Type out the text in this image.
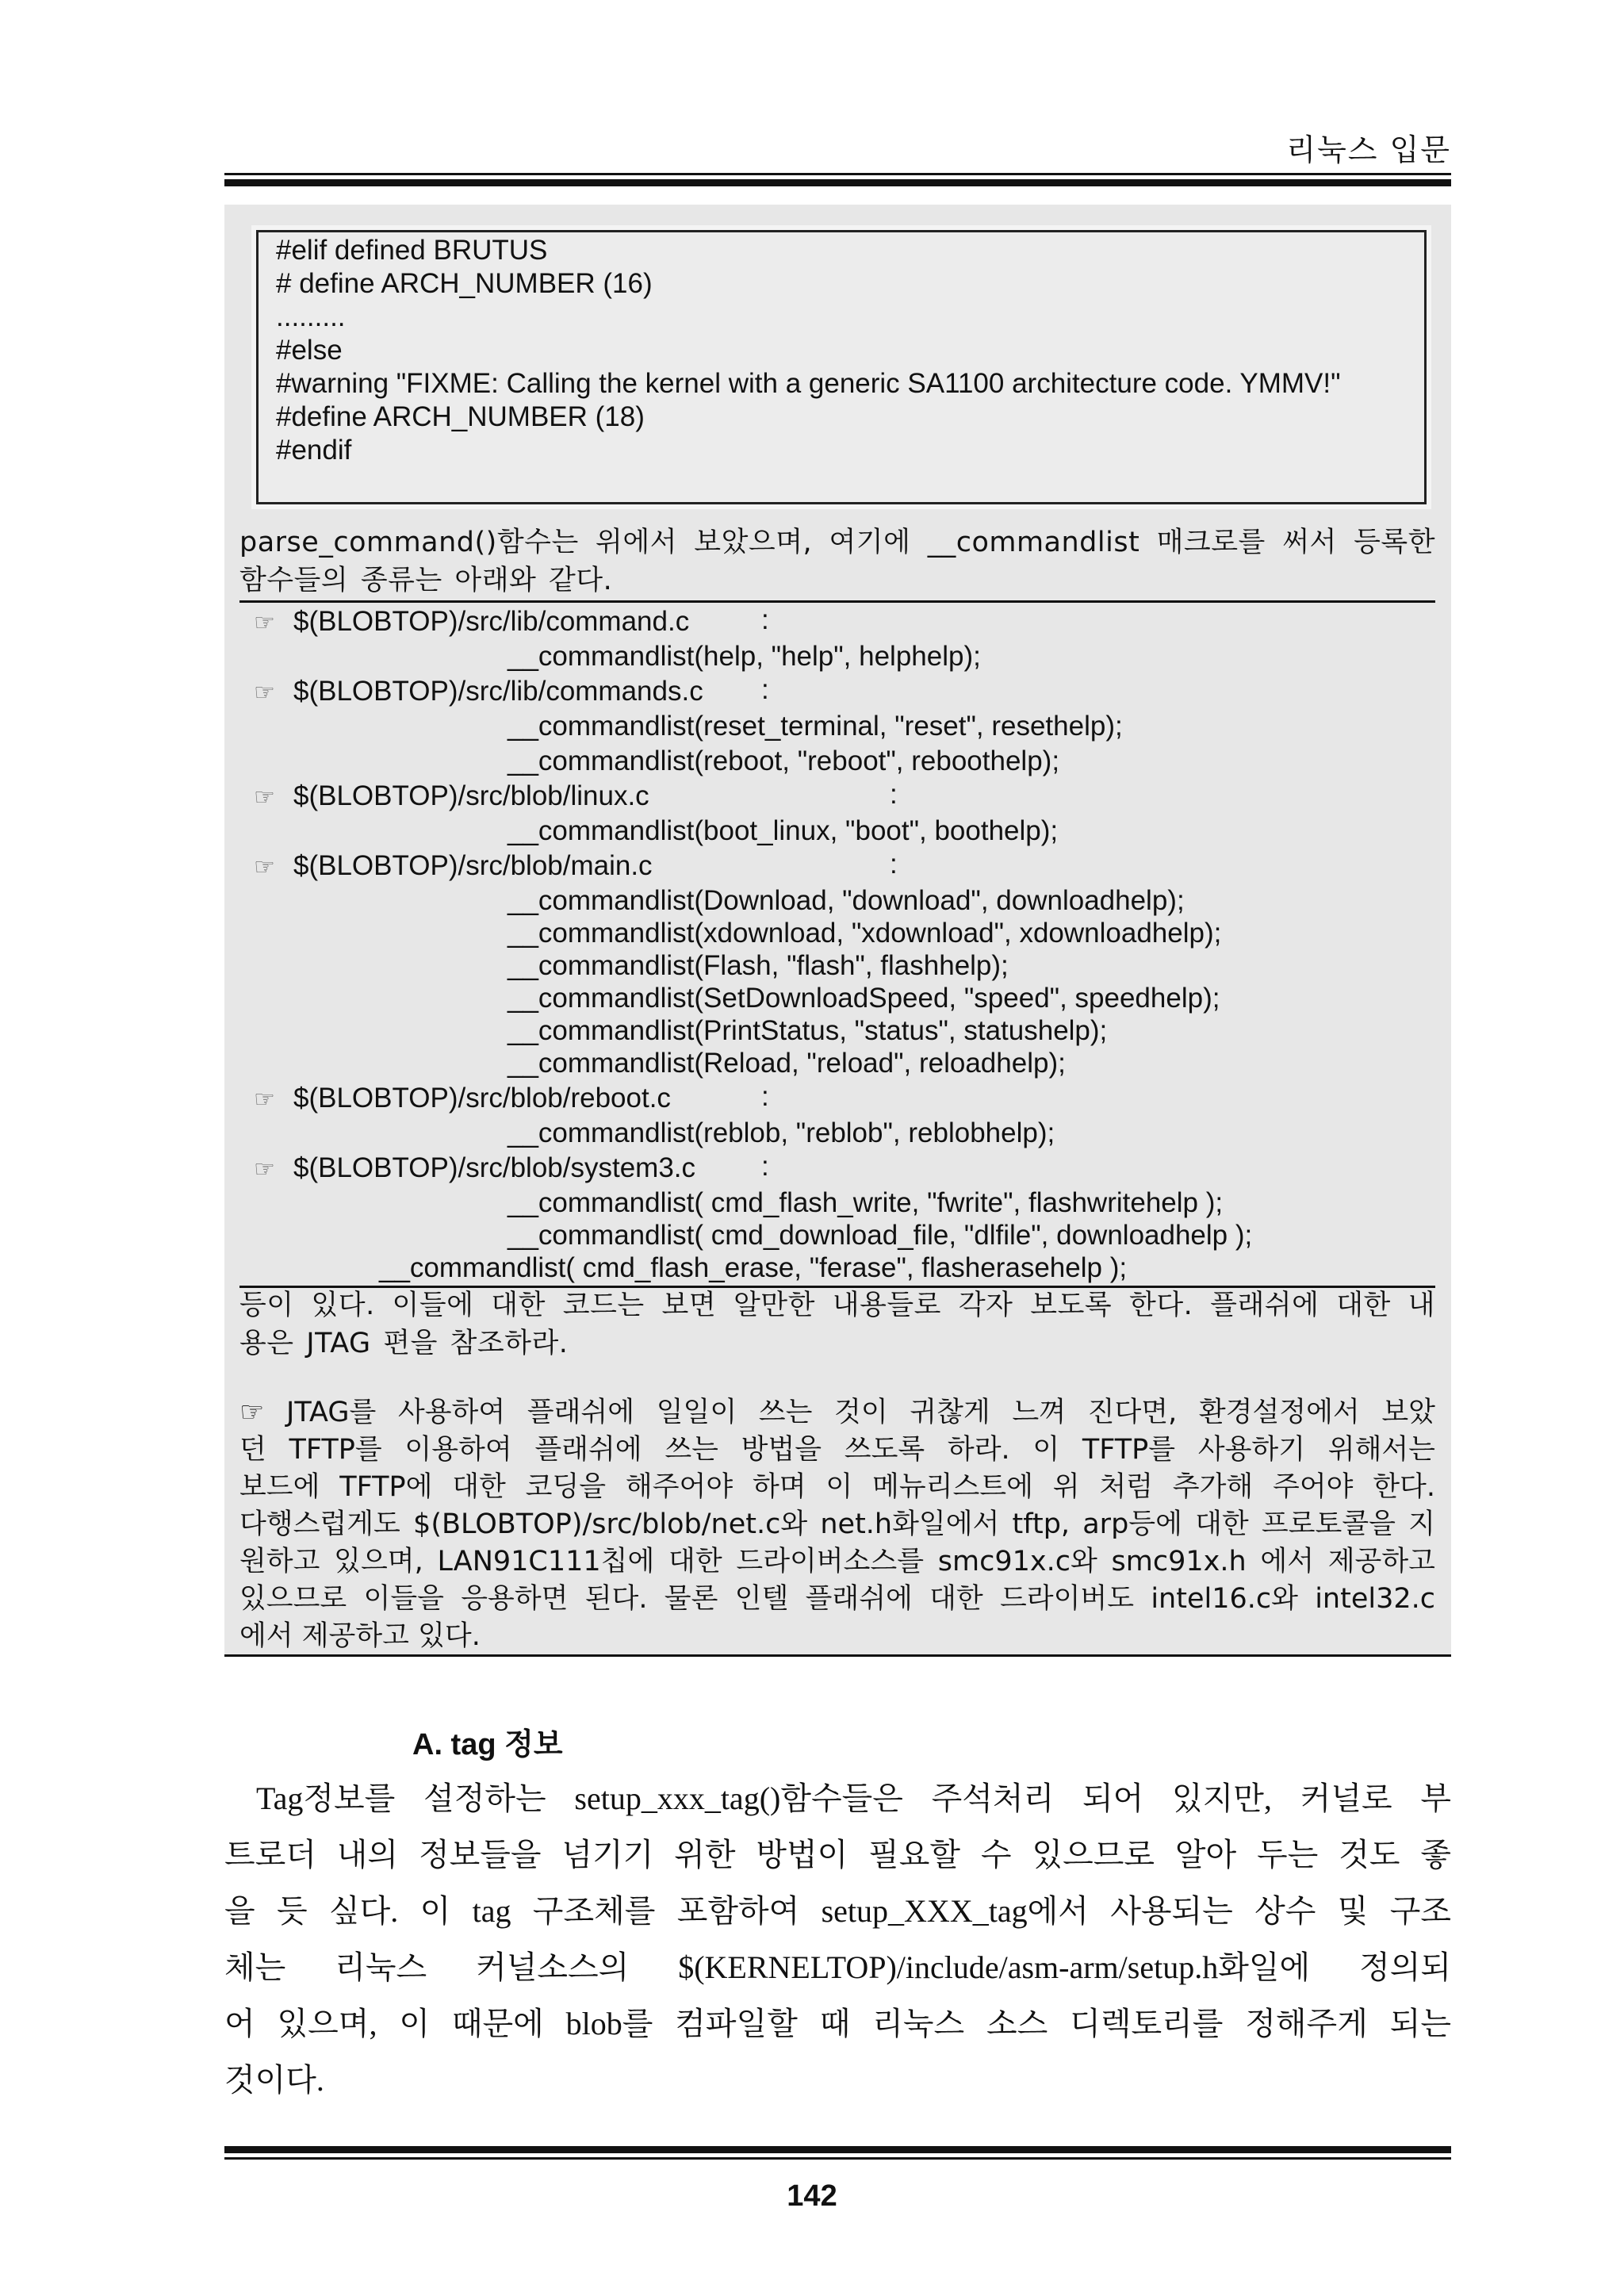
리눅스 입문
#elif defined BRUTUS
# define ARCH_NUMBER (16)
.........
#else
#warning "FIXME: Calling the kernel with a generic SA1100 architecture code. YMMV!"
#define ARCH_NUMBER (18)
#endif
parse_command()함수는 위에서 보았으며, 여기에 __commandlist 매크로를 써서 등록한
함수들의 종류는 아래와 같다.
☞ $(BLOBTOP)/src/lib/command.c	:
__commandlist(help, "help", helphelp);
☞ $(BLOBTOP)/src/lib/commands.c :
__commandlist(reset_terminal, "reset", resethelp);
__commandlist(reboot, "reboot", reboothelp);
☞ $(BLOBTOP)/src/blob/linux.c	:
__commandlist(boot_linux, "boot", boothelp);
☞ $(BLOBTOP)/src/blob/main.c	:
__commandlist(Download, "download", downloadhelp);
__commandlist(xdownload, "xdownload", xdownloadhelp);
__commandlist(Flash, "flash", flashhelp);
__commandlist(SetDownloadSpeed, "speed", speedhelp);
__commandlist(PrintStatus, "status", statushelp);
__commandlist(Reload, "reload", reloadhelp);
☞ $(BLOBTOP)/src/blob/reboot.c	:
__commandlist(reblob, "reblob", reblobhelp);
☞ $(BLOBTOP)/src/blob/system3.c :
__commandlist( cmd_flash_write, "fwrite", flashwritehelp );
__commandlist( cmd_download_file, "dlfile", downloadhelp );
__commandlist( cmd_flash_erase, "ferase", flasherasehelp );
등이 있다. 이들에 대한 코드는 보면 알만한 내용들로 각자 보도록 한다. 플래쉬에 대한 내
용은 JTAG 편을 참조하라.
☞ JTAG를 사용하여 플래쉬에 일일이 쓰는 것이 귀찮게 느껴 진다면, 환경설정에서 보았
던 TFTP를 이용하여 플래쉬에 쓰는 방법을 쓰도록 하라. 이 TFTP를 사용하기 위해서는
보드에 TFTP에 대한 코딩을 해주어야 하며 이 메뉴리스트에 위 처럼 추가해 주어야 한다.
다행스럽게도 $(BLOBTOP)/src/blob/net.c와 net.h화일에서 tftp, arp등에 대한 프로토콜을 지
원하고 있으며, LAN91C111칩에 대한 드라이버소스를 smc91x.c와 smc91x.h 에서 제공하고
있으므로 이들을 응용하면 된다. 물론 인텔 플래쉬에 대한 드라이버도 intel16.c와 intel32.c
에서 제공하고 있다.
A. tag 정보
Tag정보를 설정하는 setup_xxx_tag()함수들은 주석처리 되어 있지만, 커널로 부
트로더 내의 정보들을 넘기기 위한 방법이 필요할 수 있으므로 알아 두는 것도 좋
을 듯 싶다. 이 tag 구조체를 포함하여 setup_XXX_tag에서 사용되는 상수 및 구조
체는 리눅스 커널소스의 $(KERNELTOP)/include/asm-arm/setup.h화일에 정의되
어 있으며, 이 때문에 blob를 컴파일할 때 리눅스 소스 디렉토리를 정해주게 되는
것이다.
142
